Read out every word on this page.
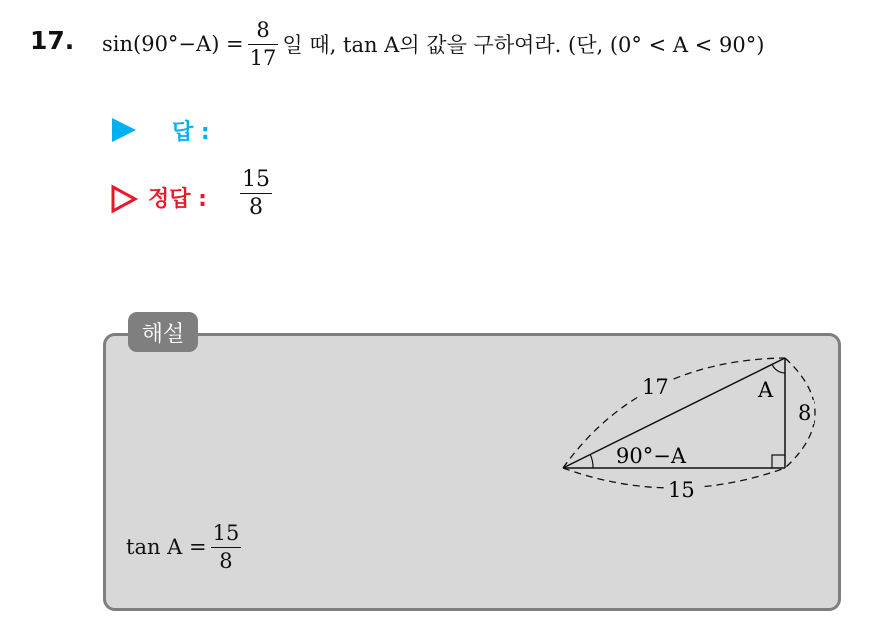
17. $\sin(90^\circ-A) = \frac{8}{17}$ 일 때, tan A의 값을 구하여라. (단, (0° < A < 90°)
답 :
정답 :
15
8
해설
17	A
8
90°−A
15
$\tan A = \frac{15}{8}$
